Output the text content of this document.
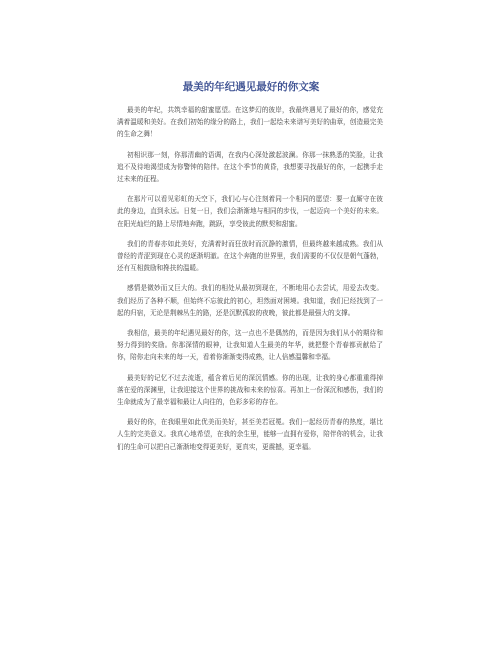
最美的年纪遇见最好的你文案

最美的年纪，共筑幸福的甜蜜愿望。在这梦幻的彼岸，我最终遇见了最好的你，感觉充满着温暖和美好。在我们初始的缘分的路上，我们一起绘未来谱写美好的曲章，创造最完美的生命之舞！

初相识那一刻，你那清幽的语调，在我内心深处激起波澜。你那一抹熟悉的笑脸，让我追不及待地渴望成为你警钟的陪伴。在这个季节的黄昏，我想要寻找最好的你，一起携手走过未来的征程。

在那片可以看见彩虹的天空下，我们心与心注刻着同一个相同的愿望：要一直厮守在彼此的身边，直到永远。日复一日，我们会渐渐地与相同的步伐，一起迈向一个美好的未来。在阳光灿烂的路上尽情地奔跑，跳跃，享受彼此的默契和甜蜜。

我们的青春亦如此美好，充满着时而狂放时而沉静的激情，但最终越来越成熟。我们从曾经的青涩到现在心灵的逐渐明澈。在这个奔跑的世界里，我们需要的不仅仅是朝气蓬勃，还有互相鼓励和搀扶的温暖。

感情是微妙而又巨大的。我们的相处从最初到现在，不断地用心去尝试，用爱去改变。我们经历了各种不顺，但始终不忘彼此的初心，坦然面对困境。我知道，我们已经找到了一起的归宿，无论是荆棘丛生的路，还是沉默孤寂的夜晚，彼此都是最强大的支撑。

我相信，最美的年纪遇见最好的你，这一点也不是偶然的，而是因为我们从小的期待和努力得到的奖励。你那深情的眼神，让我知道人生最美的年华，就把整个青春都贡献给了你，陪你走向未来的每一天，看着你渐渐变得成熟，让人倍感温馨和幸福。

最美好的记忆不过去流逝，蕴含着后见的深沉情感。你的出现，让我的身心都重重得掉落在爱的深渊里，让我迎接这个世界的挑战和未来的惊喜。再加上一份深沉和感伤，我们的生命就成为了最幸福和最让人向往的，色彩多彩的存在。

最好的你，在我眼里如此优美而美好，甚至美若冠冕。我们一起经历青春的热度，堪比人生的完美意义。我真心地希望，在我的余生里，能够一直拥有爱你，陪伴你的机会，让我们的生命可以把自己渐渐地变得更美好，更真实，更震撼，更幸福。
